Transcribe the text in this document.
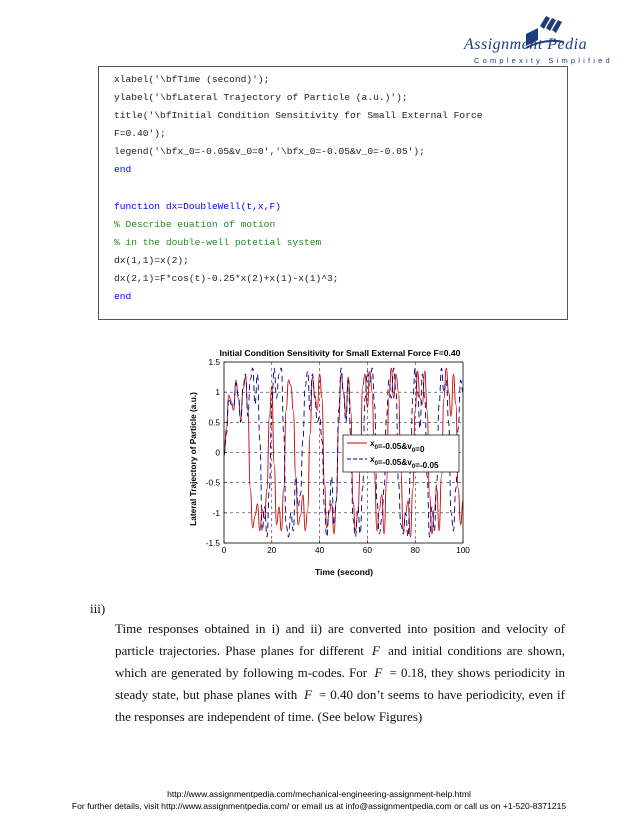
Assignment Pedia
Complexity Simplified
xlabel('\bfTime (second)');
ylabel('\bfLateral Trajectory of Particle (a.u.)');
title('\bfInitial Condition Sensitivity for Small External Force
F=0.40');
legend('\bfx_0=-0.05&v_0=0','\bfx_0=-0.05&v_0=-0.05');
end
function dx=DoubleWell(t,x,F)
% Describe euation of motion
% in the double-well potetial system
dx(1,1)=x(2);
dx(2,1)=F*cos(t)-0.25*x(2)+x(1)-x(1)^3;
end
Initial Condition Sensitivity for Small External Force F=0.40
Lateral Trajectory of Particle (a.u.)
Time (second)
0	20	40	60	80	100
1.5
1
0.5
0
-0.5
-1
-1.5
$x_0=-0.05\&v_0=0$
$x_0=-0.05\&v_0=-0.05$
iii)
Time responses obtained in i) and ii) are converted into position and velocity of particle trajectories. Phase planes for different F and initial conditions are shown, which are generated by following m-codes. For F = 0.18, they shows periodicity in steady state, but phase planes with F = 0.40 don’t seems to have periodicity, even if the responses are independent of time. (See below Figures)
http://www.assignmentpedia.com/mechanical-engineering-assignment-help.html
For further details, visit http://www.assignmentpedia.com/ or email us at info@assignmentpedia.com or call us on +1-520-8371215
